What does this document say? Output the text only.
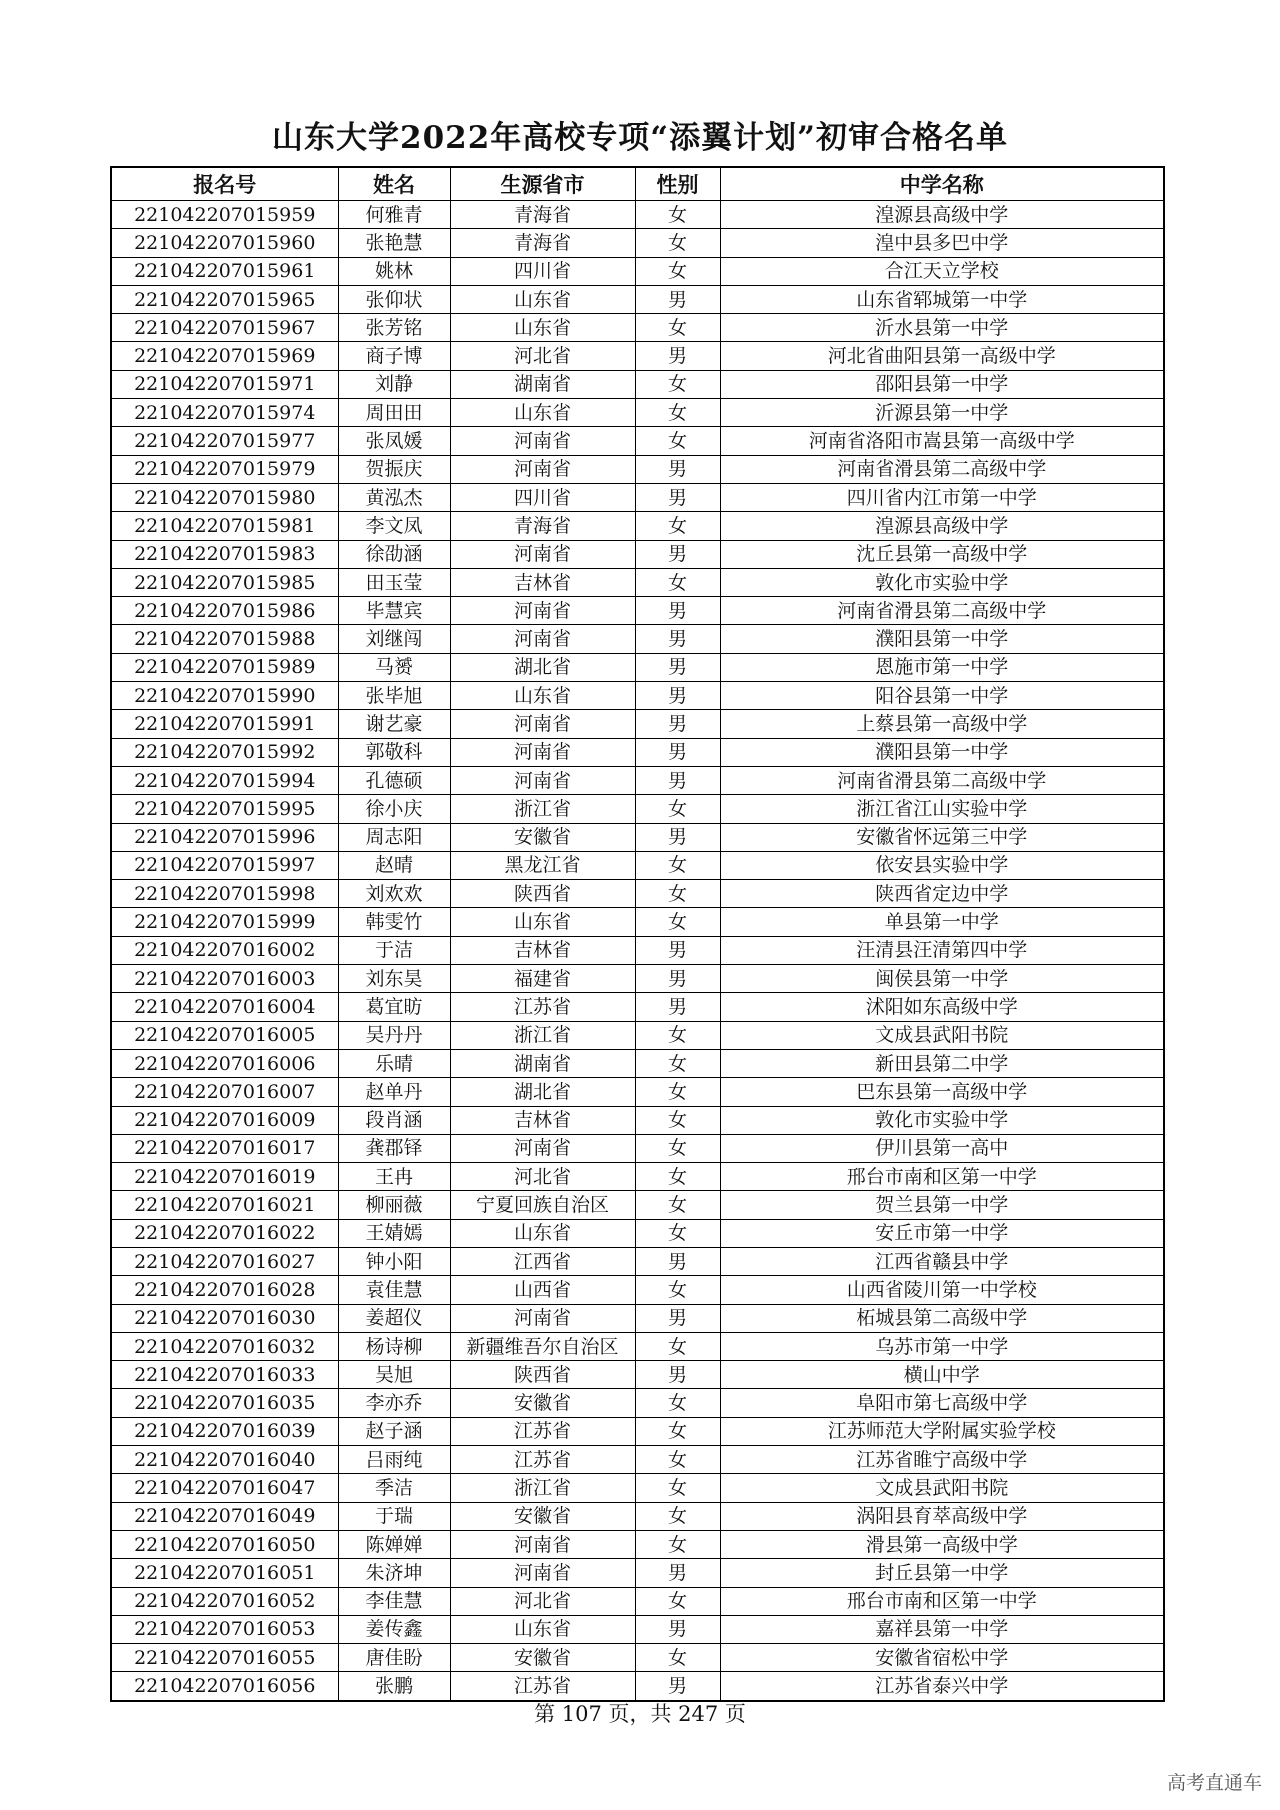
山东大学2022年高校专项“添翼计划”初审合格名单
报名号	姓名	生源省市	性别	中学名称
221042207015959	何雅青	青海省	女	湟源县高级中学
221042207015960	张艳慧	青海省	女	湟中县多巴中学
221042207015961	姚林	四川省	女	合江天立学校
221042207015965	张仰状	山东省	男	山东省郓城第一中学
221042207015967	张芳铭	山东省	女	沂水县第一中学
221042207015969	商子博	河北省	男	河北省曲阳县第一高级中学
221042207015971	刘静	湖南省	女	邵阳县第一中学
221042207015974	周田田	山东省	女	沂源县第一中学
221042207015977	张凤媛	河南省	女	河南省洛阳市嵩县第一高级中学
221042207015979	贺振庆	河南省	男	河南省滑县第二高级中学
221042207015980	黄泓杰	四川省	男	四川省内江市第一中学
221042207015981	李文凤	青海省	女	湟源县高级中学
221042207015983	徐劭涵	河南省	男	沈丘县第一高级中学
221042207015985	田玉莹	吉林省	女	敦化市实验中学
221042207015986	毕慧宾	河南省	男	河南省滑县第二高级中学
221042207015988	刘继闯	河南省	男	濮阳县第一中学
221042207015989	马赟	湖北省	男	恩施市第一中学
221042207015990	张毕旭	山东省	男	阳谷县第一中学
221042207015991	谢艺豪	河南省	男	上蔡县第一高级中学
221042207015992	郭敬科	河南省	男	濮阳县第一中学
221042207015994	孔德硕	河南省	男	河南省滑县第二高级中学
221042207015995	徐小庆	浙江省	女	浙江省江山实验中学
221042207015996	周志阳	安徽省	男	安徽省怀远第三中学
221042207015997	赵晴	黑龙江省	女	依安县实验中学
221042207015998	刘欢欢	陕西省	女	陕西省定边中学
221042207015999	韩雯竹	山东省	女	单县第一中学
221042207016002	于洁	吉林省	男	汪清县汪清第四中学
221042207016003	刘东昊	福建省	男	闽侯县第一中学
221042207016004	葛宜昉	江苏省	男	沭阳如东高级中学
221042207016005	吴丹丹	浙江省	女	文成县武阳书院
221042207016006	乐晴	湖南省	女	新田县第二中学
221042207016007	赵单丹	湖北省	女	巴东县第一高级中学
221042207016009	段肖涵	吉林省	女	敦化市实验中学
221042207016017	龚郡铎	河南省	女	伊川县第一高中
221042207016019	王冉	河北省	女	邢台市南和区第一中学
221042207016021	柳丽薇	宁夏回族自治区	女	贺兰县第一中学
221042207016022	王婧嫣	山东省	女	安丘市第一中学
221042207016027	钟小阳	江西省	男	江西省赣县中学
221042207016028	袁佳慧	山西省	女	山西省陵川第一中学校
221042207016030	姜超仪	河南省	男	柘城县第二高级中学
221042207016032	杨诗柳	新疆维吾尔自治区	女	乌苏市第一中学
221042207016033	吴旭	陕西省	男	横山中学
221042207016035	李亦乔	安徽省	女	阜阳市第七高级中学
221042207016039	赵子涵	江苏省	女	江苏师范大学附属实验学校
221042207016040	吕雨纯	江苏省	女	江苏省睢宁高级中学
221042207016047	季洁	浙江省	女	文成县武阳书院
221042207016049	于瑞	安徽省	女	涡阳县育萃高级中学
221042207016050	陈婵婵	河南省	女	滑县第一高级中学
221042207016051	朱济坤	河南省	男	封丘县第一中学
221042207016052	李佳慧	河北省	女	邢台市南和区第一中学
221042207016053	姜传鑫	山东省	男	嘉祥县第一中学
221042207016055	唐佳盼	安徽省	女	安徽省宿松中学
221042207016056	张鹏	江苏省	男	江苏省泰兴中学
第 107 页，共 247 页
高考直通车
